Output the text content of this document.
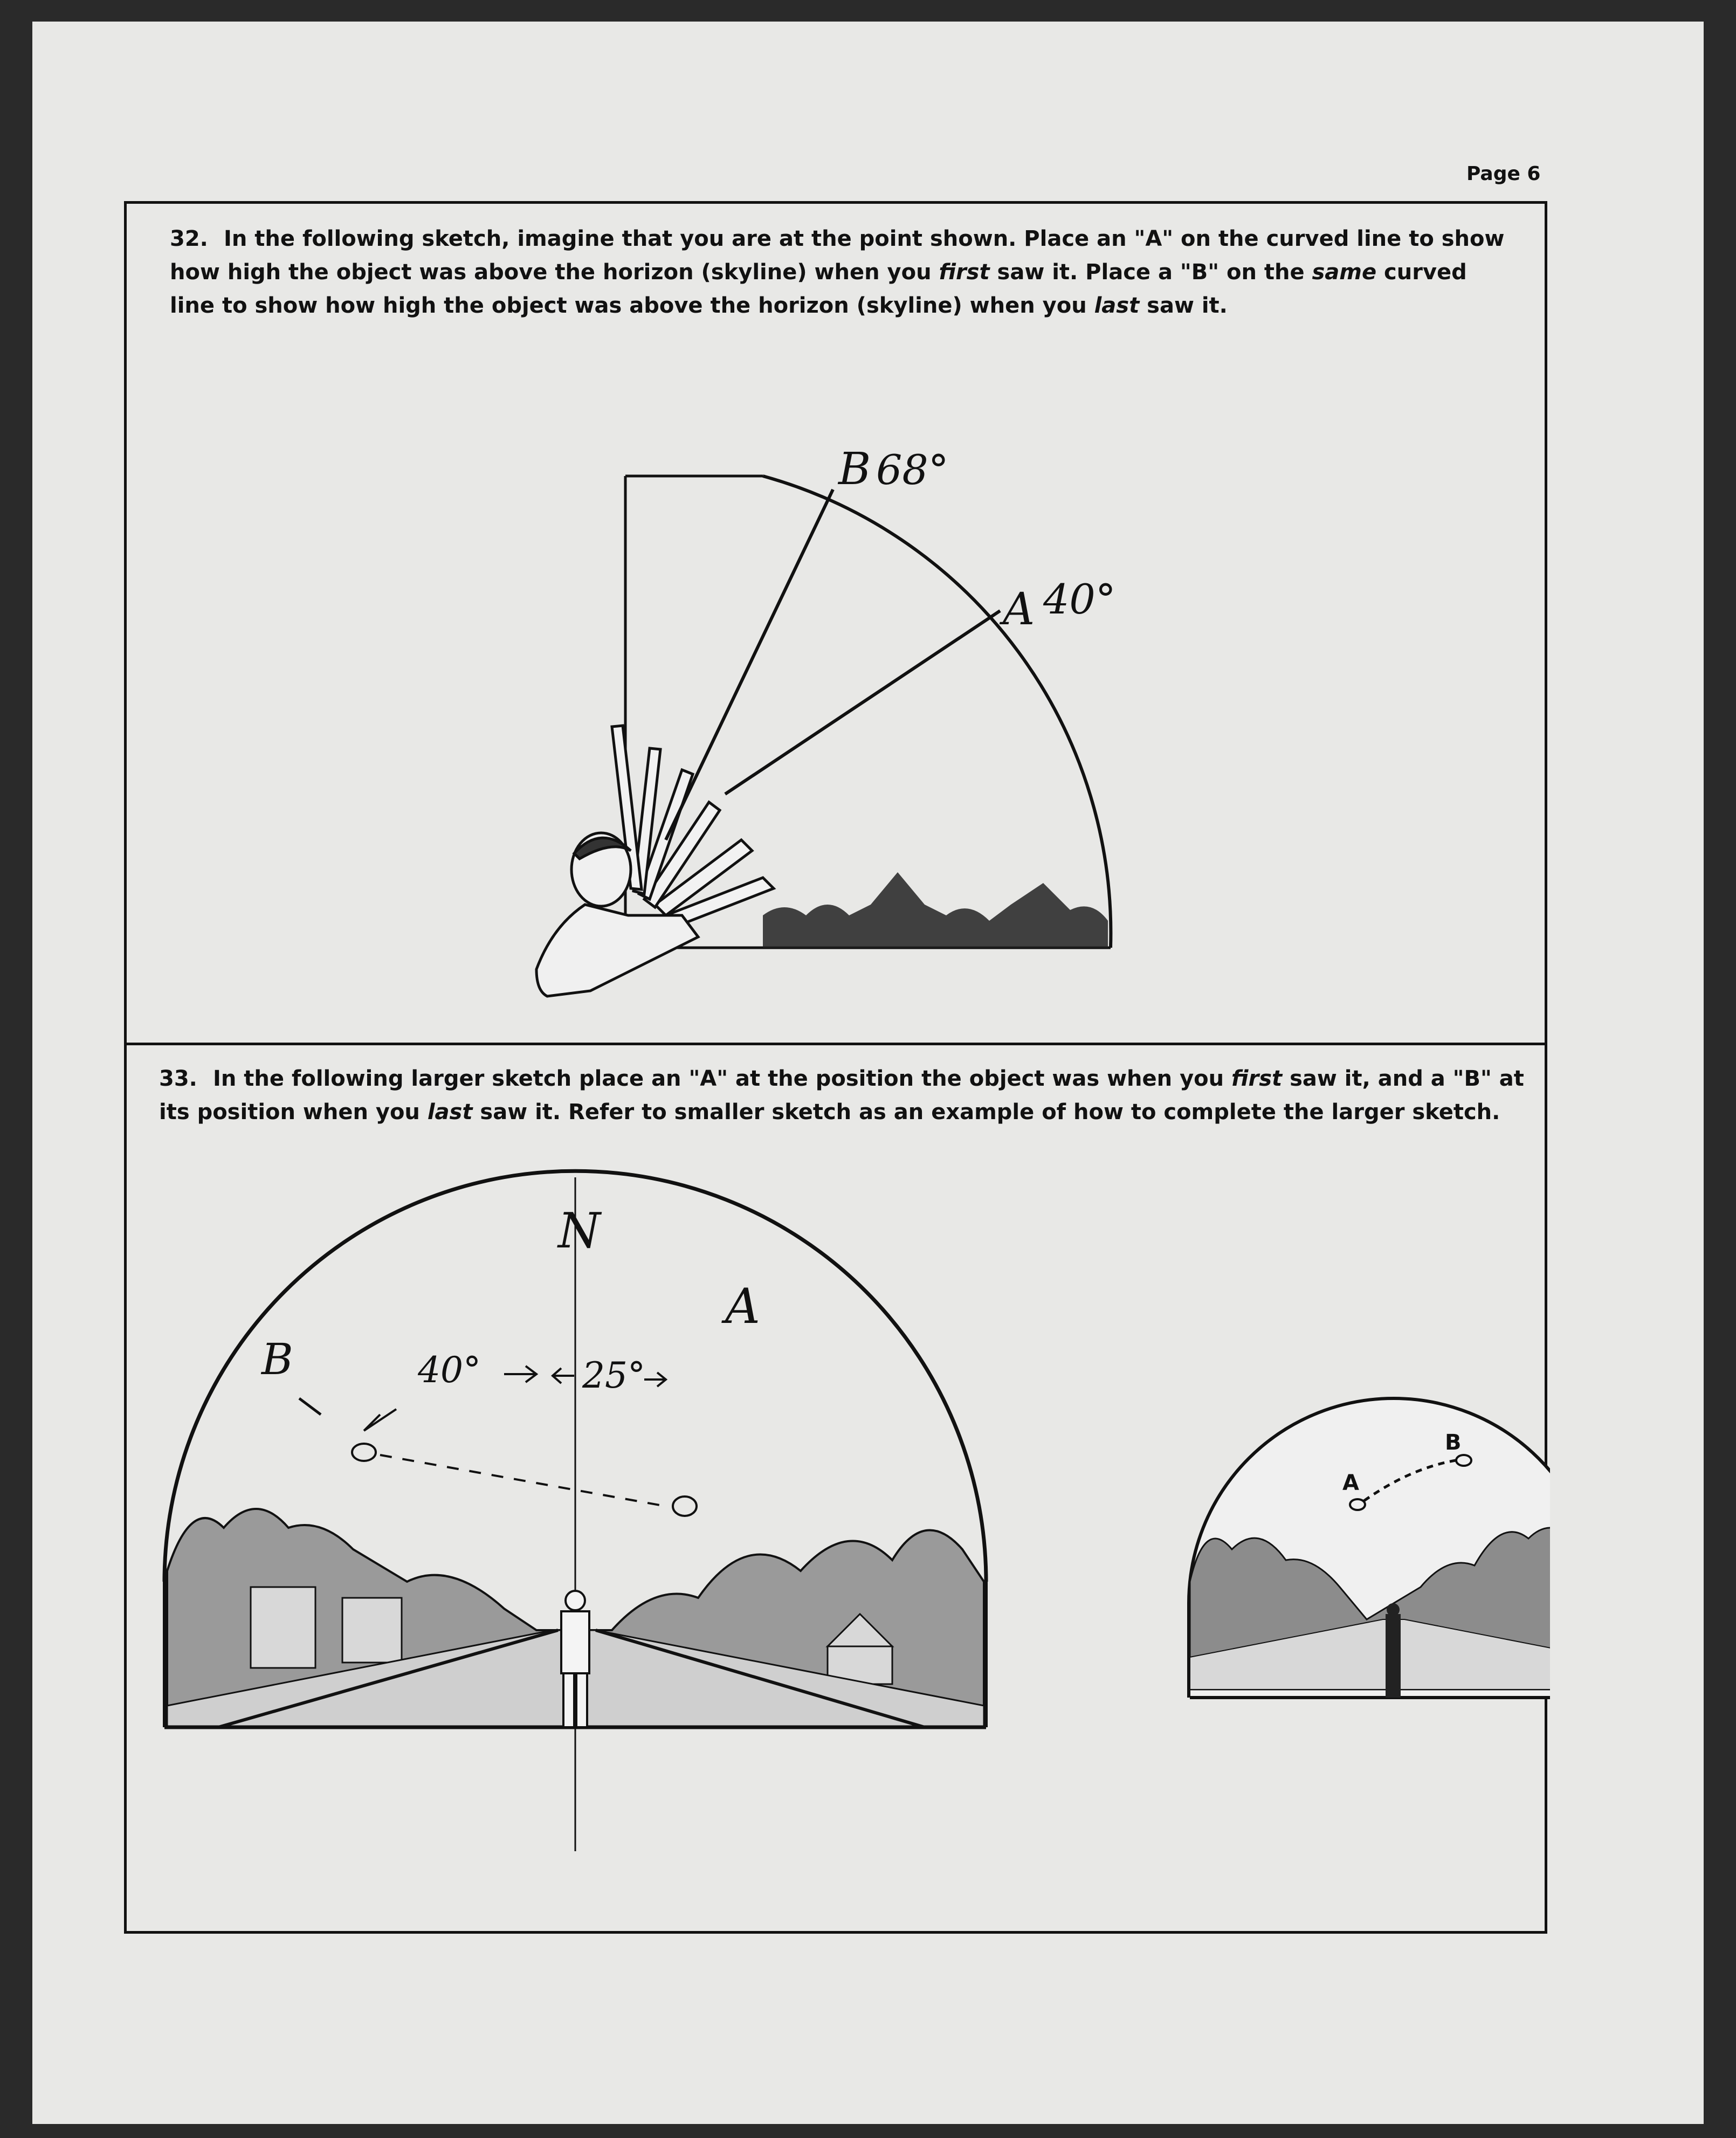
Page 6
32. In the following sketch, imagine that you are at the point shown. Place an "A" on the curved line to show how high the object was above the horizon (skyline) when you first saw it. Place a "B" on the same curved line to show how high the object was above the horizon (skyline) when you last saw it.
B 68°
A 40°
33. In the following larger sketch place an "A" at the position the object was when you first saw it, and a "B" at its position when you last saw it. Refer to smaller sketch as an example of how to complete the larger sketch.
N
A
B	40°	25°
A
B
